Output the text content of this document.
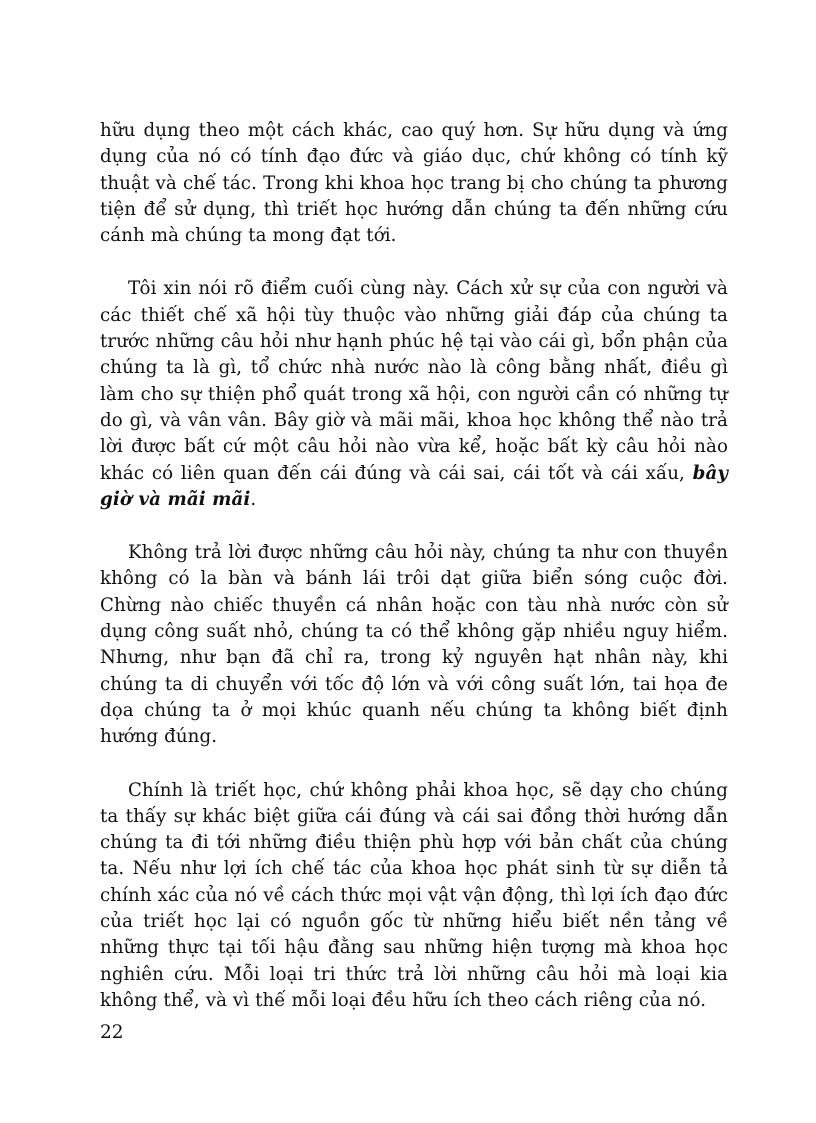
hữu dụng theo một cách khác, cao quý hơn. Sự hữu dụng và ứng dụng của nó có tính đạo đức và giáo dục, chứ không có tính kỹ thuật và chế tác. Trong khi khoa học trang bị cho chúng ta phương tiện để sử dụng, thì triết học hướng dẫn chúng ta đến những cứu cánh mà chúng ta mong đạt tới.

Tôi xin nói rõ điểm cuối cùng này. Cách xử sự của con người và các thiết chế xã hội tùy thuộc vào những giải đáp của chúng ta trước những câu hỏi như hạnh phúc hệ tại vào cái gì, bổn phận của chúng ta là gì, tổ chức nhà nước nào là công bằng nhất, điều gì làm cho sự thiện phổ quát trong xã hội, con người cần có những tự do gì, và vân vân. Bây giờ và mãi mãi, khoa học không thể nào trả lời được bất cứ một câu hỏi nào vừa kể, hoặc bất kỳ câu hỏi nào khác có liên quan đến cái đúng và cái sai, cái tốt và cái xấu, bây giờ và mãi mãi.

Không trả lời được những câu hỏi này, chúng ta như con thuyền không có la bàn và bánh lái trôi dạt giữa biển sóng cuộc đời. Chừng nào chiếc thuyền cá nhân hoặc con tàu nhà nước còn sử dụng công suất nhỏ, chúng ta có thể không gặp nhiều nguy hiểm. Nhưng, như bạn đã chỉ ra, trong kỷ nguyên hạt nhân này, khi chúng ta di chuyển với tốc độ lớn và với công suất lớn, tai họa đe dọa chúng ta ở mọi khúc quanh nếu chúng ta không biết định hướng đúng.

Chính là triết học, chứ không phải khoa học, sẽ dạy cho chúng ta thấy sự khác biệt giữa cái đúng và cái sai đồng thời hướng dẫn chúng ta đi tới những điều thiện phù hợp với bản chất của chúng ta. Nếu như lợi ích chế tác của khoa học phát sinh từ sự diễn tả chính xác của nó về cách thức mọi vật vận động, thì lợi ích đạo đức của triết học lại có nguồn gốc từ những hiểu biết nền tảng về những thực tại tối hậu đằng sau những hiện tượng mà khoa học nghiên cứu. Mỗi loại tri thức trả lời những câu hỏi mà loại kia không thể, và vì thế mỗi loại đều hữu ích theo cách riêng của nó.

22
